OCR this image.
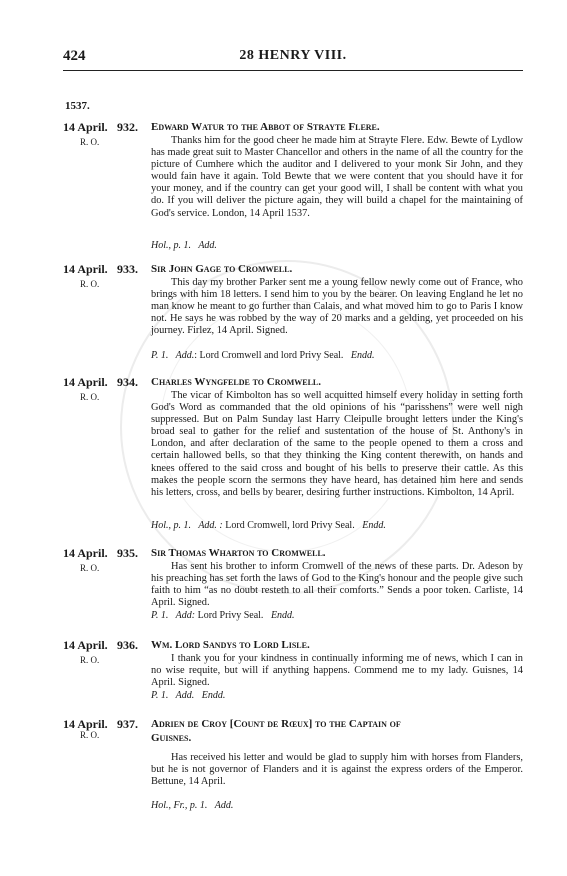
424	28 HENRY VIII.
1537.
14 April. 932. Edward Watur to the Abbot of Strayte Flere.
R. O.	Thanks him for the good cheer he made him at Strayte Flere. Edw. Bewte of Lydlow has made great suit to Master Chancellor and others in the name of all the country for the picture of Cumhere which the auditor and I delivered to your monk Sir John, and they would fain have it again. Told Bewte that we were content that you should have it for your money, and if the country can get your good will, I shall be content with what you do. If you will deliver the picture again, they will build a chapel for the maintaining of God's service. London, 14 April 1537.
Hol., p. 1. Add.
14 April. 933. Sir John Gage to Cromwell.
R. O.	This day my brother Parker sent me a young fellow newly come out of France, who brings with him 18 letters. I send him to you by the bearer. On leaving England he let no man know he meant to go further than Calais, and what moved him to go to Paris I know not. He says he was robbed by the way of 20 marks and a gelding, yet proceeded on his journey. Firlez, 14 April. Signed.
P. 1. Add.: Lord Cromwell and lord Privy Seal. Endd.
14 April. 934. Charles Wyngfelde to Cromwell.
R. O.	The vicar of Kimbolton has so well acquitted himself every holiday in setting forth God's Word as commanded that the old opinions of his “parisshens” were well nigh suppressed. But on Palm Sunday last Harry Cleipulle brought letters under the King's broad seal to gather for the relief and sustentation of the house of St. Anthony's in London, and after declaration of the same to the people opened to them a cross and certain hallowed bells, so that they thinking the King content therewith, on hands and knees offered to the said cross and bought of his bells to preserve their cattle. As this makes the people scorn the sermons they have heard, has detained him here and sends his letters, cross, and bells by bearer, desiring further instructions. Kimbolton, 14 April.
Hol., p. 1. Add. : Lord Cromwell, lord Privy Seal. Endd.
14 April. 935. Sir Thomas Wharton to Cromwell.
R. O.	Has sent his brother to inform Cromwell of the news of these parts. Dr. Adeson by his preaching has set forth the laws of God to the King's honour and the people give such faith to him “as no doubt resteth to all their comforts.” Sends a poor token. Carliste, 14 April. Signed.
P. 1. Add: Lord Privy Seal. Endd.
14 April. 936. Wm. Lord Sandys to Lord Lisle.
R. O.	I thank you for your kindness in continually informing me of news, which I can in no wise requite, but will if anything happens. Commend me to my lady. Guisnes, 14 April. Signed.
P. 1. Add. Endd.
14 April. 937. Adrien de Croy [Count de Rœux] to the Captain of
Guisnes.
R. O.
Has received his letter and would be glad to supply him with horses from Flanders, but he is not governor of Flanders and it is against the express orders of the Emperor. Bettune, 14 April.
Hol., Fr., p. 1. Add.
